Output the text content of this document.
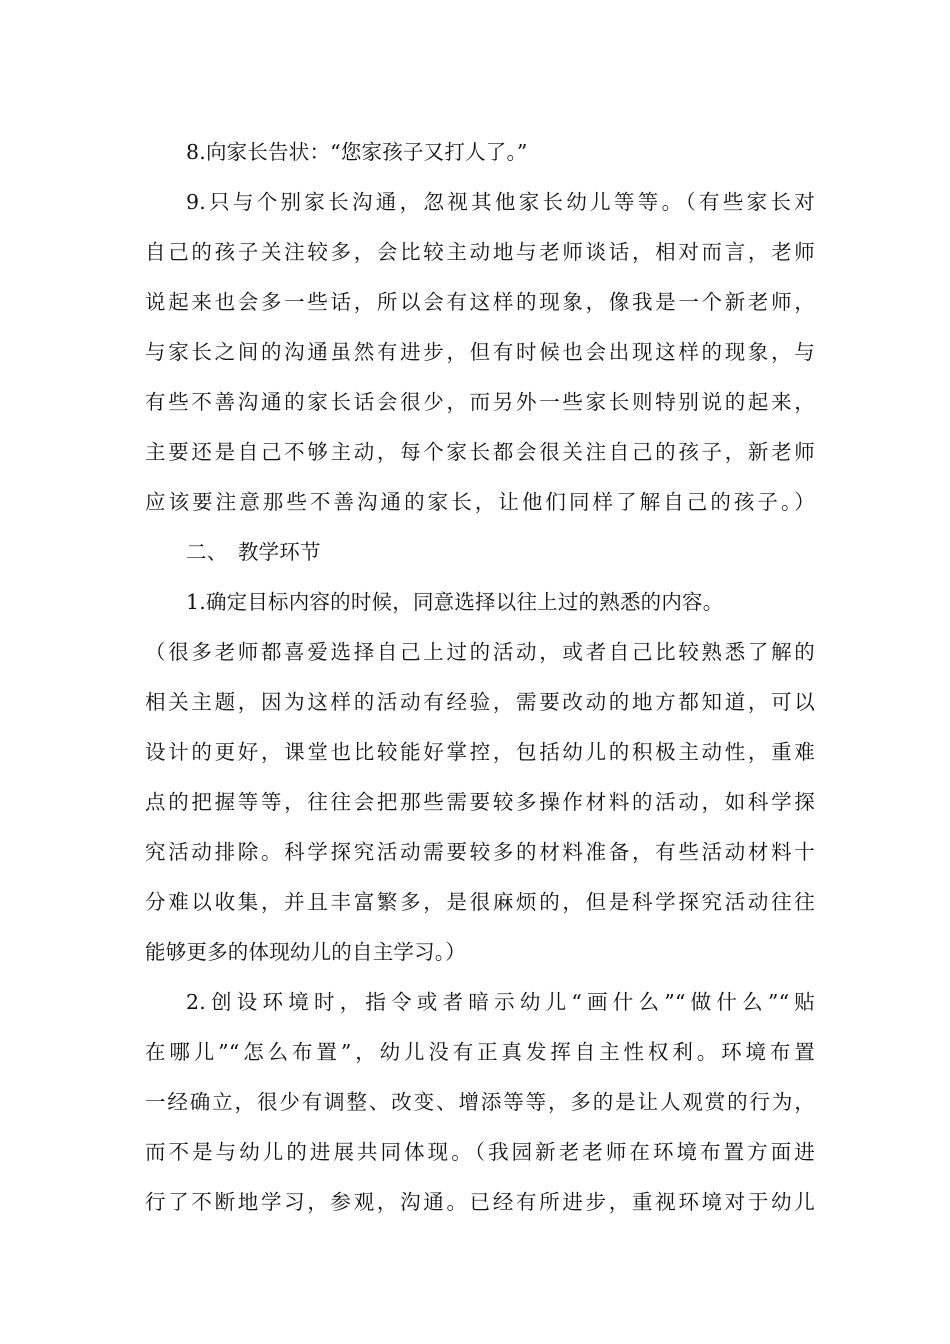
8.向家长告状：“您家孩子又打人了。”
9.只与个别家长沟通，忽视其他家长幼儿等等。（有些家长对
自己的孩子关注较多，会比较主动地与老师谈话，相对而言，老师
说起来也会多一些话，所以会有这样的现象，像我是一个新老师，
与家长之间的沟通虽然有进步，但有时候也会出现这样的现象，与
有些不善沟通的家长话会很少，而另外一些家长则特别说的起来，
主要还是自己不够主动，每个家长都会很关注自己的孩子，新老师
应该要注意那些不善沟通的家长，让他们同样了解自己的孩子。）
二、　教学环节
1.确定目标内容的时候，同意选择以往上过的熟悉的内容。
（很多老师都喜爱选择自己上过的活动，或者自己比较熟悉了解的
相关主题，因为这样的活动有经验，需要改动的地方都知道，可以
设计的更好，课堂也比较能好掌控，包括幼儿的积极主动性，重难
点的把握等等，往往会把那些需要较多操作材料的活动，如科学探
究活动排除。科学探究活动需要较多的材料准备，有些活动材料十
分难以收集，并且丰富繁多，是很麻烦的，但是科学探究活动往往
能够更多的体现幼儿的自主学习。）
2.创设环境时，指令或者暗示幼儿“画什么”“做什么”“贴
在哪儿”“怎么布置”，幼儿没有正真发挥自主性权利。环境布置
一经确立，很少有调整、改变、增添等等，多的是让人观赏的行为，
而不是与幼儿的进展共同体现。（我园新老老师在环境布置方面进
行了不断地学习，参观，沟通。已经有所进步，重视环境对于幼儿
